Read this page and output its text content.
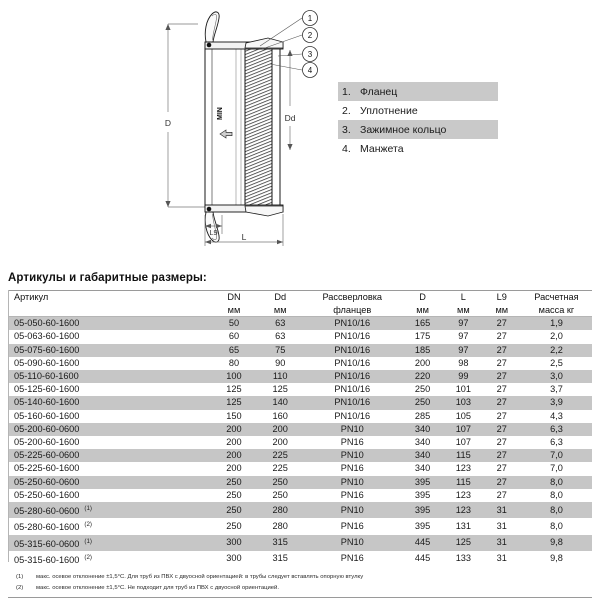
D	Dd
MIN
1
2
3
4
L9	L
1. Фланец
2. Уплотнение
3. Зажимное кольцо
4. Манжета
Артикулы и габаритные размеры:
Артикул	DN	Dd	Рассверловка	D	L	L9	Расчетная
	мм	мм	фланцев	мм	мм	мм	масса кг
05-050-60-1600	50	63	PN10/16	165	97	27	1,9
05-063-60-1600	60	63	PN10/16	175	97	27	2,0
05-075-60-1600	65	75	PN10/16	185	97	27	2,2
05-090-60-1600	80	90	PN10/16	200	98	27	2,5
05-110-60-1600	100	110	PN10/16	220	99	27	3,0
05-125-60-1600	125	125	PN10/16	250	101	27	3,7
05-140-60-1600	125	140	PN10/16	250	103	27	3,9
05-160-60-1600	150	160	PN10/16	285	105	27	4,3
05-200-60-0600	200	200	PN10	340	107	27	6,3
05-200-60-1600	200	200	PN16	340	107	27	6,3
05-225-60-0600	200	225	PN10	340	115	27	7,0
05-225-60-1600	200	225	PN16	340	123	27	7,0
05-250-60-0600	250	250	PN10	395	115	27	8,0
05-250-60-1600	250	250	PN16	395	123	27	8,0
05-280-60-0600 $^{(1)}$	250	280	PN10	395	123	31	8,0
05-280-60-1600 $^{(2)}$	250	280	PN16	395	131	31	8,0
05-315-60-0600 $^{(1)}$	300	315	PN10	445	125	31	9,8
05-315-60-1600 $^{(2)}$	300	315	PN16	445	133	31	9,8
(1)	макс. осевое отклонение ±1,5°C. Для труб из ПВХ с двуосной ориентацией: в трубы следует вставлять опорную втулку
(2)	макс. осевое отклонение ±1,5°C. Не подходит для труб из ПВХ с двуосной ориентацией.
